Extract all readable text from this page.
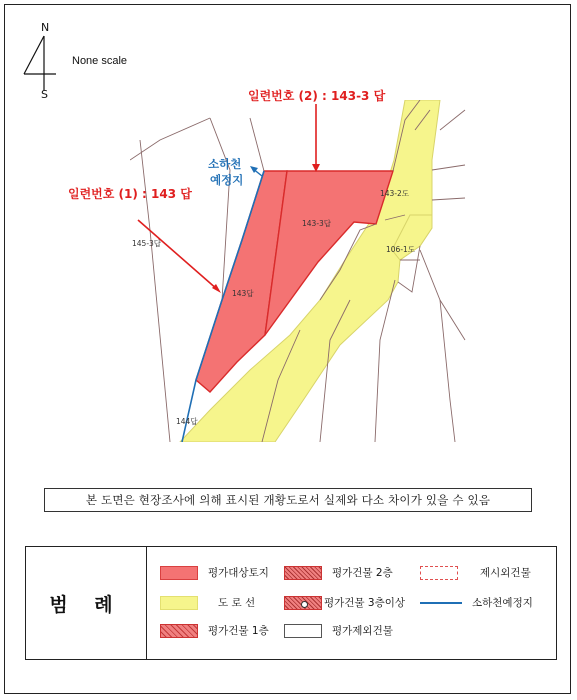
N
S
None scale
일련번호 (2) : 143-3 답
일련번호 (1) : 143 답
소하천
예정지
145-3답
143답
143-3답
143-2도
106-1도
144답
본 도면은 현장조사에 의해 표시된 개황도로서 실제와 다소 차이가 있을 수 있음
범 례
평가대상토지	평가건물 2층	제시외건물
도 로 선	평가건물 3층이상	소하천예정지
평가건물 1층	평가제외건물
